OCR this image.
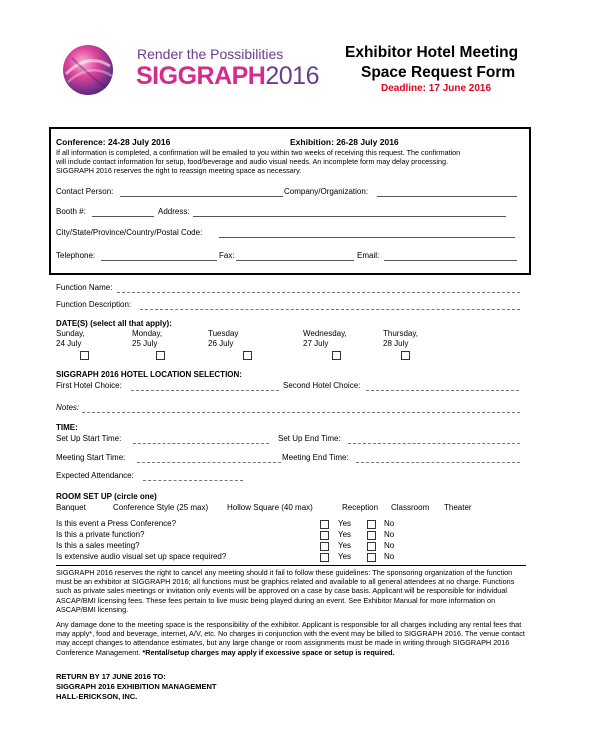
Render the Possibilities
SIGGRAPH2016
Exhibitor Hotel Meeting
Space Request Form
Deadline: 17 June 2016
Conference: 24-28 July 2016	Exhibition: 26-28 July 2016
If all information is completed, a confirmation will be emailed to you within two weeks of receiving this request. The confirmation
will include contact information for setup, food/beverage and audio visual needs. An incomplete form may delay processing.
SIGGRAPH 2016 reserves the right to reassign meeting space as necessary.
Contact Person:	Company/Organization:
Booth #:	Address:
City/State/Province/Country/Postal Code:
Telephone:	Fax:	Email:
Function Name:
Function Description:
DATE(S) (select all that apply):
Sunday,
24 July
Monday,
25 July
Tuesday
26 July
Wednesday,
27 July
Thursday,
28 July
SIGGRAPH 2016 HOTEL LOCATION SELECTION:
First Hotel Choice:	Second Hotel Choice:
Notes:
TIME:
Set Up Start Time:	Set Up End Time:
Meeting Start Time:	Meeting End Time:
Expected Attendance:
ROOM SET UP (circle one)
Banquet	Conference Style (25 max) Hollow Square (40 max)	Reception Classroom Theater
Is this event a Press Conference?	Yes	No
Is this a private function?	Yes	No
Is this a sales meeting?	Yes	No
Is extensive audio visual set up space required?	Yes	No
SIGGRAPH 2016 reserves the right to cancel any meeting should it fail to follow these guidelines: The sponsoring organization of the function must be an exhibitor at SIGGRAPH 2016; all functions must be graphics related and available to all general attendees at no charge. Functions such as private sales meetings or invitation only events will be approved on a case by case basis. Applicant will be responsible for individual ASCAP/BMI licensing fees. These fees pertain to live music being played during an event. See Exhibitor Manual for more information on ASCAP/BMI licensing.
Any damage done to the meeting space is the responsibility of the exhibitor. Applicant is responsible for all charges including any rental fees that may apply*, food and beverage, internet, A/V, etc. No charges in conjunction with the event may be billed to SIGGRAPH 2016. The venue contact may accept changes to attendance estimates, but any large change or room assignments must be made in writing through SIGGRAPH 2016 Conference Management. *Rental/setup charges may apply if excessive space or setup is required.
RETURN BY 17 JUNE 2016 TO:
SIGGRAPH 2016 EXHIBITION MANAGEMENT
HALL-ERICKSON, INC.
